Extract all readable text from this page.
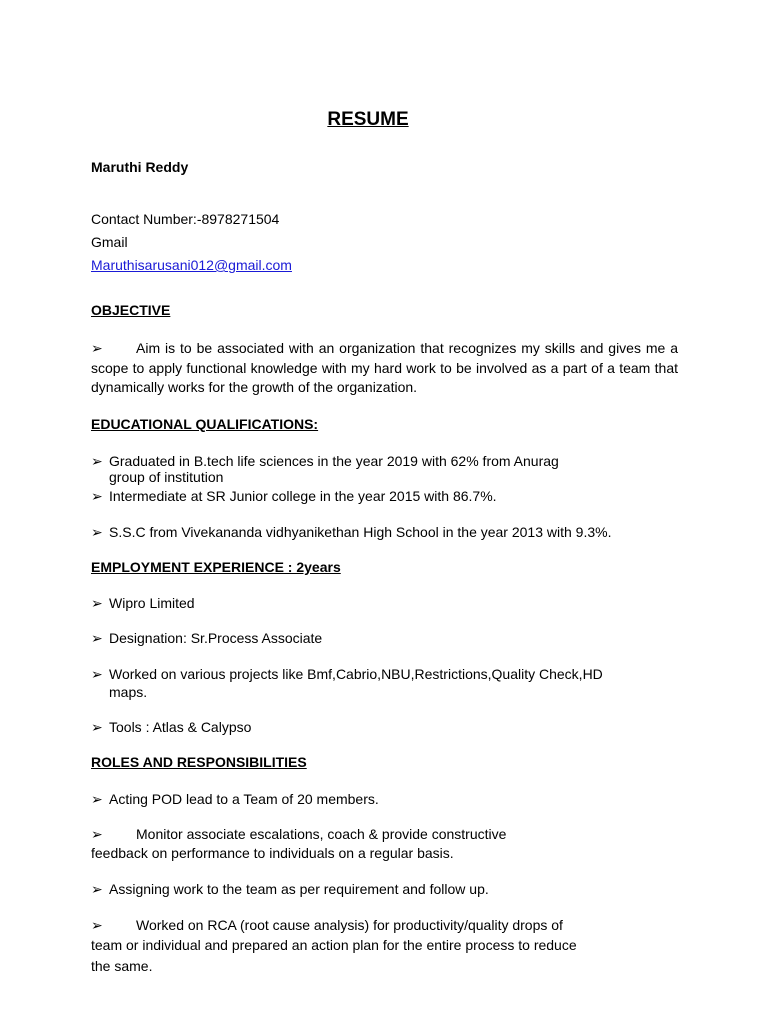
RESUME
Maruthi Reddy
Contact Number:-8978271504
Gmail
Maruthisarusani012@gmail.com
OBJECTIVE
➢ Aim is to be associated with an organization that recognizes my skills and gives me a scope to apply functional knowledge with my hard work to be involved as a part of a team that dynamically works for the growth of the organization.
EDUCATIONAL QUALIFICATIONS:
➢ Graduated in B.tech life sciences in the year 2019 with 62% from Anurag
group of institution
➢ Intermediate at SR Junior college in the year 2015 with 86.7%.
➢ S.S.C from Vivekananda vidhyanikethan High School in the year 2013 with 9.3%.
EMPLOYMENT EXPERIENCE : 2years
➢ Wipro Limited
➢ Designation: Sr.Process Associate
➢ Worked on various projects like Bmf,Cabrio,NBU,Restrictions,Quality Check,HD
maps.
➢ Tools : Atlas & Calypso
ROLES AND RESPONSIBILITIES
➢ Acting POD lead to a Team of 20 members.
➢ Monitor associate escalations, coach & provide constructive
feedback on performance to individuals on a regular basis.
➢ Assigning work to the team as per requirement and follow up.
➢ Worked on RCA (root cause analysis) for productivity/quality drops of
team or individual and prepared an action plan for the entire process to reduce
the same.
